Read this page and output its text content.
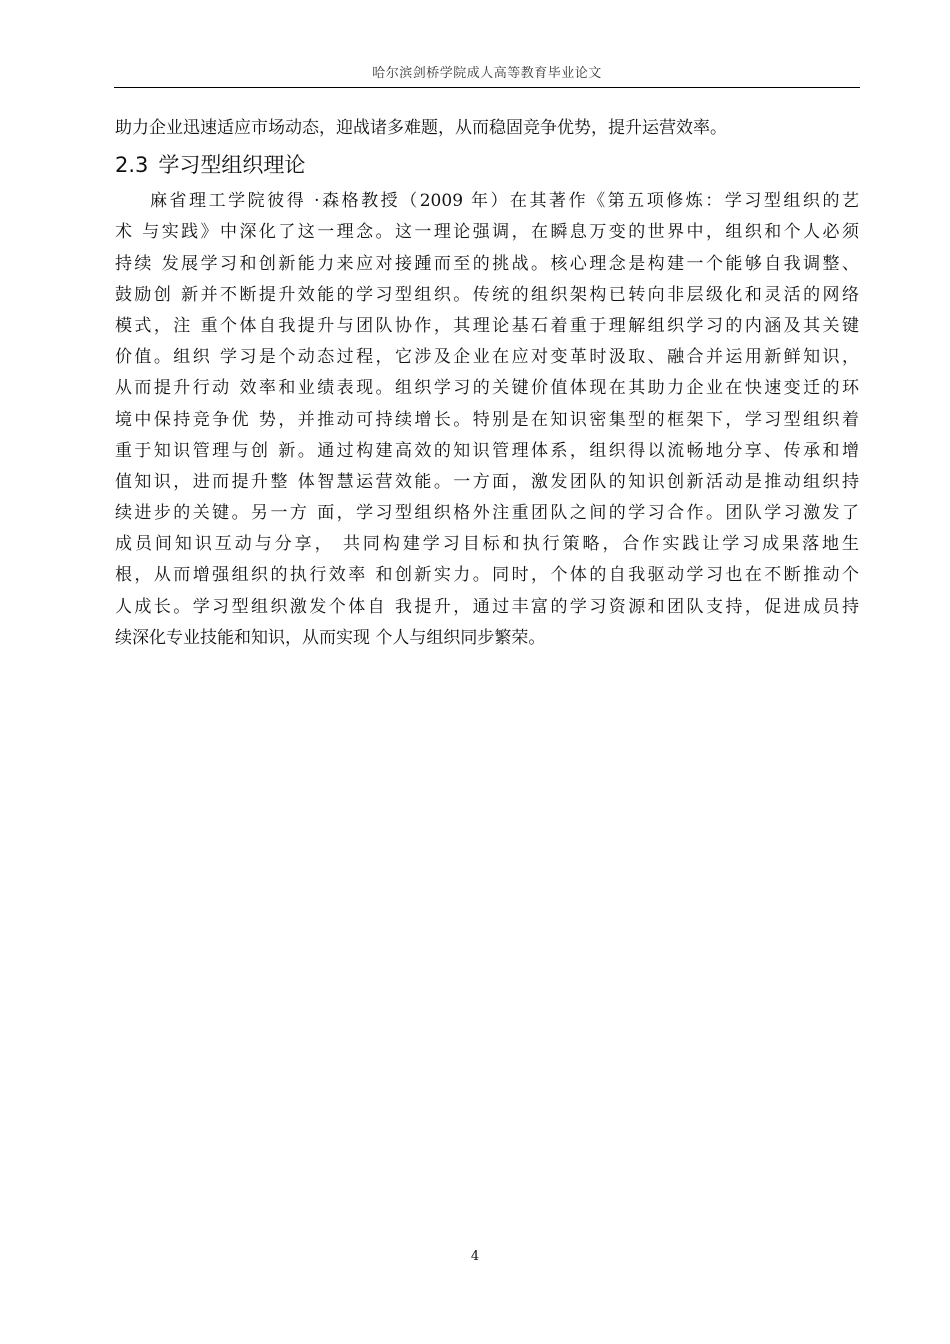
哈尔滨剑桥学院成人高等教育毕业论文
助力企业迅速适应市场动态，迎战诸多难题，从而稳固竞争优势，提升运营效率。
2.3 学习型组织理论
麻省理工学院彼得 ·森格教授（2009 年）在其著作《第五项修炼：学习型组织的艺
术 与实践》中深化了这一理念。这一理论强调，在瞬息万变的世界中，组织和个人必须
持续 发展学习和创新能力来应对接踵而至的挑战。核心理念是构建一个能够自我调整、
鼓励创 新并不断提升效能的学习型组织。传统的组织架构已转向非层级化和灵活的网络
模式，注 重个体自我提升与团队协作，其理论基石着重于理解组织学习的内涵及其关键
价值。组织 学习是个动态过程，它涉及企业在应对变革时汲取、融合并运用新鲜知识，
从而提升行动 效率和业绩表现。组织学习的关键价值体现在其助力企业在快速变迁的环
境中保持竞争优 势，并推动可持续增长。特别是在知识密集型的框架下，学习型组织着
重于知识管理与创 新。通过构建高效的知识管理体系，组织得以流畅地分享、传承和增
值知识，进而提升整 体智慧运营效能。一方面，激发团队的知识创新活动是推动组织持
续进步的关键。另一方 面，学习型组织格外注重团队之间的学习合作。团队学习激发了
成员间知识互动与分享， 共同构建学习目标和执行策略，合作实践让学习成果落地生
根，从而增强组织的执行效率 和创新实力。同时，个体的自我驱动学习也在不断推动个
人成长。学习型组织激发个体自 我提升，通过丰富的学习资源和团队支持，促进成员持
续深化专业技能和知识，从而实现 个人与组织同步繁荣。
4
